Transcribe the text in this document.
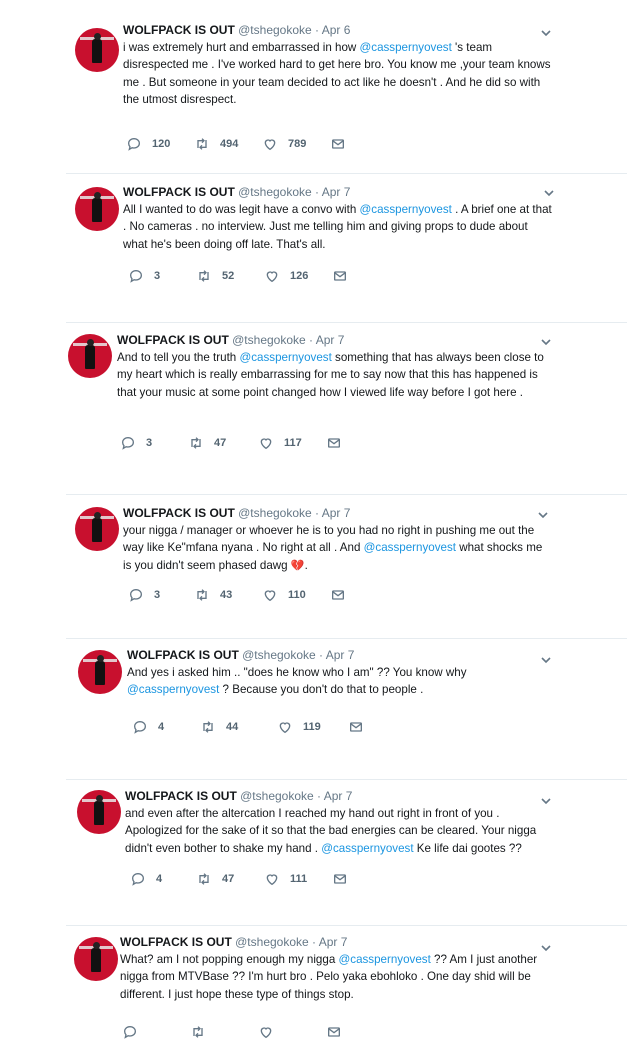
WOLFPACK IS OUT @tshegokoke · Apr 6
i was extremely hurt and embarrassed in how @casspernyovest 's team disrespected me . I've worked hard to get here bro. You know me ,your team knows me . But someone in your team decided to act like he doesn't . And he did so with the utmost disrespect.
120	494	789
WOLFPACK IS OUT @tshegokoke · Apr 7
All I wanted to do was legit have a convo with @casspernyovest . A brief one at that . No cameras . no interview. Just me telling him and giving props to dude about what he's been doing off late. That's all.
3	52	126
WOLFPACK IS OUT @tshegokoke · Apr 7
And to tell you the truth @casspernyovest something that has always been close to my heart which is really embarrassing for me to say now that this has happened is that your music at some point changed how I viewed life way before I got here .
3	47	117
WOLFPACK IS OUT @tshegokoke · Apr 7
your nigga / manager or whoever he is to you had no right in pushing me out the way like Ke"mfana nyana . No right at all . And @casspernyovest what shocks me is you didn't seem phased dawg 💔.
3	43	110
WOLFPACK IS OUT @tshegokoke · Apr 7
And yes i asked him .. "does he know who I am" ?? You know why @casspernyovest ? Because you don't do that to people .
4	44	119
WOLFPACK IS OUT @tshegokoke · Apr 7
and even after the altercation I reached my hand out right in front of you . Apologized for the sake of it so that the bad energies can be cleared. Your nigga didn't even bother to shake my hand . @casspernyovest Ke life dai gootes ??
4	47	111
WOLFPACK IS OUT @tshegokoke · Apr 7
What? am I not popping enough my nigga @casspernyovest ?? Am I just another nigga from MTVBase ?? I'm hurt bro . Pelo yaka ebohloko . One day shid will be different. I just hope these type of things stop.
